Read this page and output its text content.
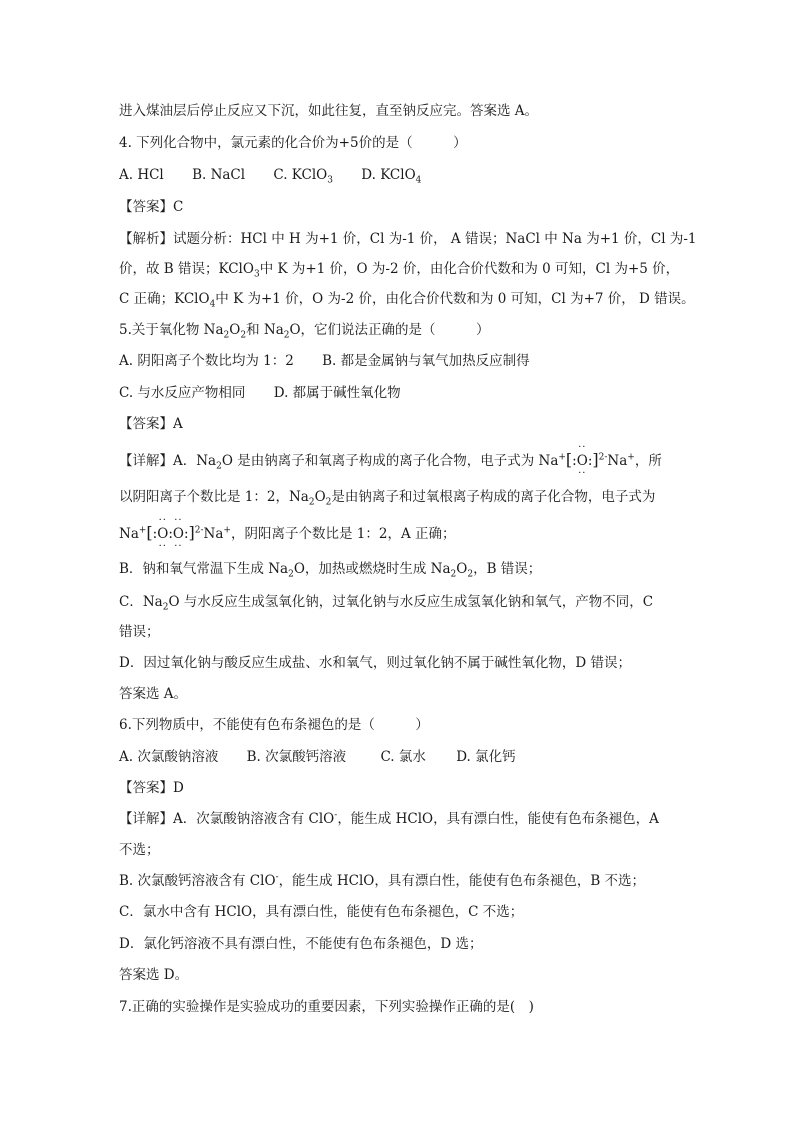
进入煤油层后停止反应又下沉，如此往复，直至钠反应完。答案选 A。
4. 下列化合物中，氯元素的化合价为+5价的是（　　　）
A. HCl B. NaCl C. KClO$_3$ D. KClO$_4$
【答案】C
【解析】试题分析：HCl 中 H 为+1 价，Cl 为-1 价， A 错误；NaCl 中 Na 为+1 价，Cl 为-1
价，故 B 错误；KClO$_3$中 K 为+1 价，O 为-2 价，由化合价代数和为 0 可知，Cl 为+5 价，
C 正确；KClO$_4$中 K 为+1 价，O 为-2 价，由化合价代数和为 0 可知，Cl 为+7 价， D 错误。
5.关于氧化物 $Na_2O_2$和 $Na_2O$，它们说法正确的是（　　　）
A. 阴阳离子个数比均为 1：2 B. 都是金属钠与氧气加热反应制得
C. 与水反应产物相同 D. 都属于碱性氧化物
【答案】A
【详解】A．$Na_2O$ 是由钠离子和氧离子构成的离子化合物，电子式为 Na+[:
··
O
··
:]$^{2-}$Na+，所
以阴阳离子个数比是 1：2，$Na_2O_2$是由钠离子和过氧根离子构成的离子化合物，电子式为
Na+[:
··
O
··
:
··
O
··
:]$^{2-}$Na+，阴阳离子个数比是 1：2，A 正确；
B．钠和氧气常温下生成 $Na_2O$，加热或燃烧时生成 $Na_2O_2$，B 错误；
C．$Na_2O$ 与水反应生成氢氧化钠，过氧化钠与水反应生成氢氧化钠和氧气，产物不同，C
错误；
D．因过氧化钠与酸反应生成盐、水和氧气，则过氧化钠不属于碱性氧化物，D 错误；
答案选 A。
6.下列物质中，不能使有色布条褪色的是（　　　）
A. 次氯酸钠溶液 B. 次氯酸钙溶液	C. 氯水 D. 氯化钙
【答案】D
【详解】A．次氯酸钠溶液含有 ClO-，能生成 HClO，具有漂白性，能使有色布条褪色，A
不选；
B. 次氯酸钙溶液含有 ClO-，能生成 HClO，具有漂白性，能使有色布条褪色，B 不选；
C．氯水中含有 HClO，具有漂白性，能使有色布条褪色，C 不选；
D．氯化钙溶液不具有漂白性，不能使有色布条褪色，D 选；
答案选 D。
7.正确的实验操作是实验成功的重要因素，下列实验操作正确的是(　)
